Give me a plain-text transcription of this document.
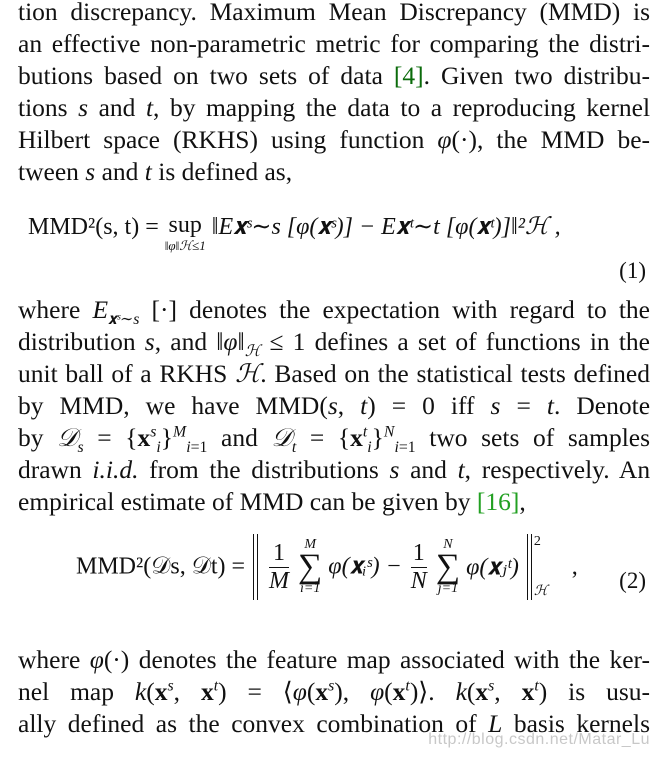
tion discrepancy. Maximum Mean Discrepancy (MMD) is
an effective non-parametric metric for comparing the distri-
butions based on two sets of data [4]. Given two distribu-
tions s and t, by mapping the data to a reproducing kernel
Hilbert space (RKHS) using function φ(·), the MMD be-
tween s and t is defined as,
MMD²(s, t) = sup
‖φ‖ℋ≤1
‖E𝐱ˢ∼s [φ(𝐱ˢ)] − E𝐱ᵗ∼t [φ(𝐱ᵗ)]‖²ℋ ,
(1)
where $E_{𝐱ˢ\sim s}$ [·] denotes the expectation with regard to the
distribution s, and $‖\varphi‖_ℋ \le 1$ defines a set of functions in the
unit ball of a RKHS ℋ. Based on the statistical tests defined
by MMD, we have MMD(s, t) = 0 iff s = t. Denote
by 𝒟$_s$ = $\{x^s_i\}^M_{i=1}$ and 𝒟$_t$ = $\{x^t_i\}^N_{i=1}$ two sets of samples
drawn i.i.d. from the distributions s and t, respectively. An
empirical estimate of MMD can be given by [16],
MMD²(𝒟s, 𝒟t) = $\frac{1}{M}$
	M
∑
i=1
φ(𝐱ᵢˢ) − $\frac{1}{N}$
	N
∑
j=1
φ(𝐱ⱼᵗ)
2
ℋ
,
(2)
where φ(·) denotes the feature map associated with the ker-
nel map $k(x^s$, $x^t$) = $⟨\varphi(x^s)$, $\varphi(x^t)⟩$. $k(x^s$, $x^t$) is usu-
ally defined as the convex combination of L basis kernels
http://blog.csdn.net/Matar_Lu
